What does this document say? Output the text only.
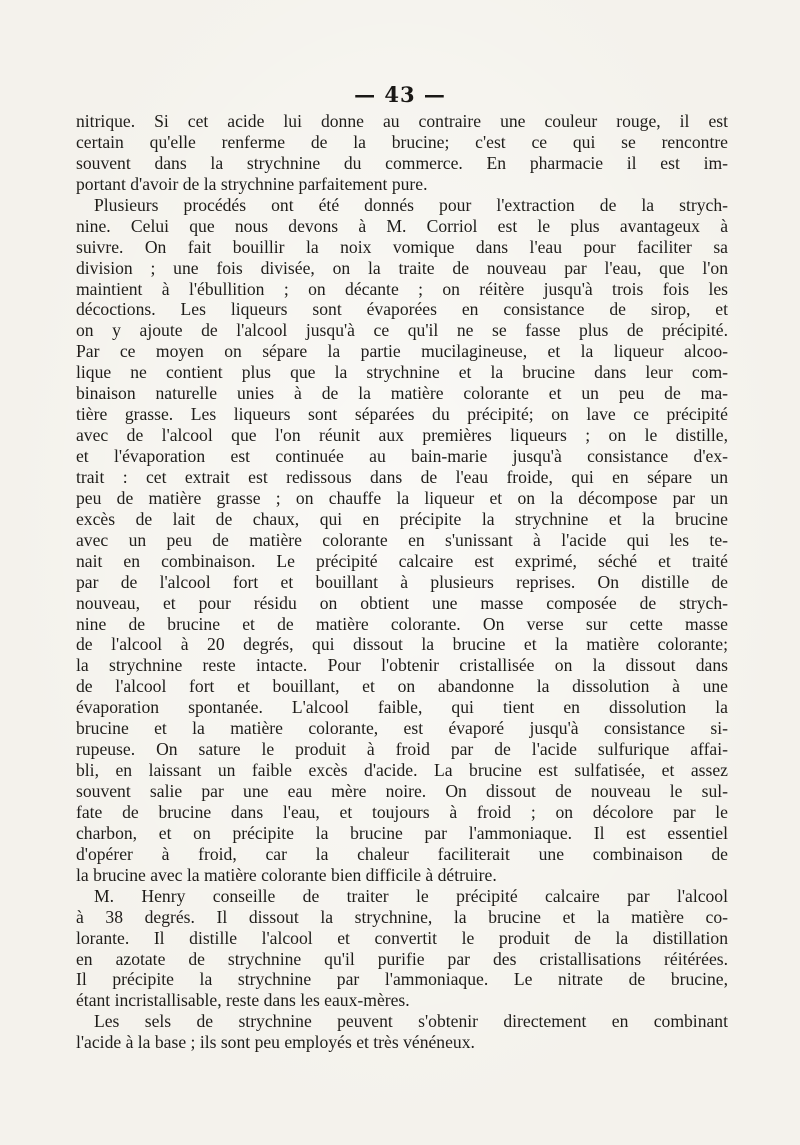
— 43 —
nitrique. Si cet acide lui donne au contraire une couleur rouge, il est
certain qu'elle renferme de la brucine; c'est ce qui se rencontre
souvent dans la strychnine du commerce. En pharmacie il est im-
portant d'avoir de la strychnine parfaitement pure.
Plusieurs procédés ont été donnés pour l'extraction de la strych-
nine. Celui que nous devons à M. Corriol est le plus avantageux à
suivre. On fait bouillir la noix vomique dans l'eau pour faciliter sa
division ; une fois divisée, on la traite de nouveau par l'eau, que l'on
maintient à l'ébullition ; on décante ; on réitère jusqu'à trois fois les
décoctions. Les liqueurs sont évaporées en consistance de sirop, et
on y ajoute de l'alcool jusqu'à ce qu'il ne se fasse plus de précipité.
Par ce moyen on sépare la partie mucilagineuse, et la liqueur alcoo-
lique ne contient plus que la strychnine et la brucine dans leur com-
binaison naturelle unies à de la matière colorante et un peu de ma-
tière grasse. Les liqueurs sont séparées du précipité; on lave ce précipité
avec de l'alcool que l'on réunit aux premières liqueurs ; on le distille,
et l'évaporation est continuée au bain-marie jusqu'à consistance d'ex-
trait : cet extrait est redissous dans de l'eau froide, qui en sépare un
peu de matière grasse ; on chauffe la liqueur et on la décompose par un
excès de lait de chaux, qui en précipite la strychnine et la brucine
avec un peu de matière colorante en s'unissant à l'acide qui les te-
nait en combinaison. Le précipité calcaire est exprimé, séché et traité
par de l'alcool fort et bouillant à plusieurs reprises. On distille de
nouveau, et pour résidu on obtient une masse composée de strych-
nine de brucine et de matière colorante. On verse sur cette masse
de l'alcool à 20 degrés, qui dissout la brucine et la matière colorante;
la strychnine reste intacte. Pour l'obtenir cristallisée on la dissout dans
de l'alcool fort et bouillant, et on abandonne la dissolution à une
évaporation spontanée. L'alcool faible, qui tient en dissolution la
brucine et la matière colorante, est évaporé jusqu'à consistance si-
rupeuse. On sature le produit à froid par de l'acide sulfurique affai-
bli, en laissant un faible excès d'acide. La brucine est sulfatisée, et assez
souvent salie par une eau mère noire. On dissout de nouveau le sul-
fate de brucine dans l'eau, et toujours à froid ; on décolore par le
charbon, et on précipite la brucine par l'ammoniaque. Il est essentiel
d'opérer à froid, car la chaleur faciliterait une combinaison de
la brucine avec la matière colorante bien difficile à détruire.
M. Henry conseille de traiter le précipité calcaire par l'alcool
à 38 degrés. Il dissout la strychnine, la brucine et la matière co-
lorante. Il distille l'alcool et convertit le produit de la distillation
en azotate de strychnine qu'il purifie par des cristallisations réitérées.
Il précipite la strychnine par l'ammoniaque. Le nitrate de brucine,
étant incristallisable, reste dans les eaux-mères.
Les sels de strychnine peuvent s'obtenir directement en combinant
l'acide à la base ; ils sont peu employés et très vénéneux.
